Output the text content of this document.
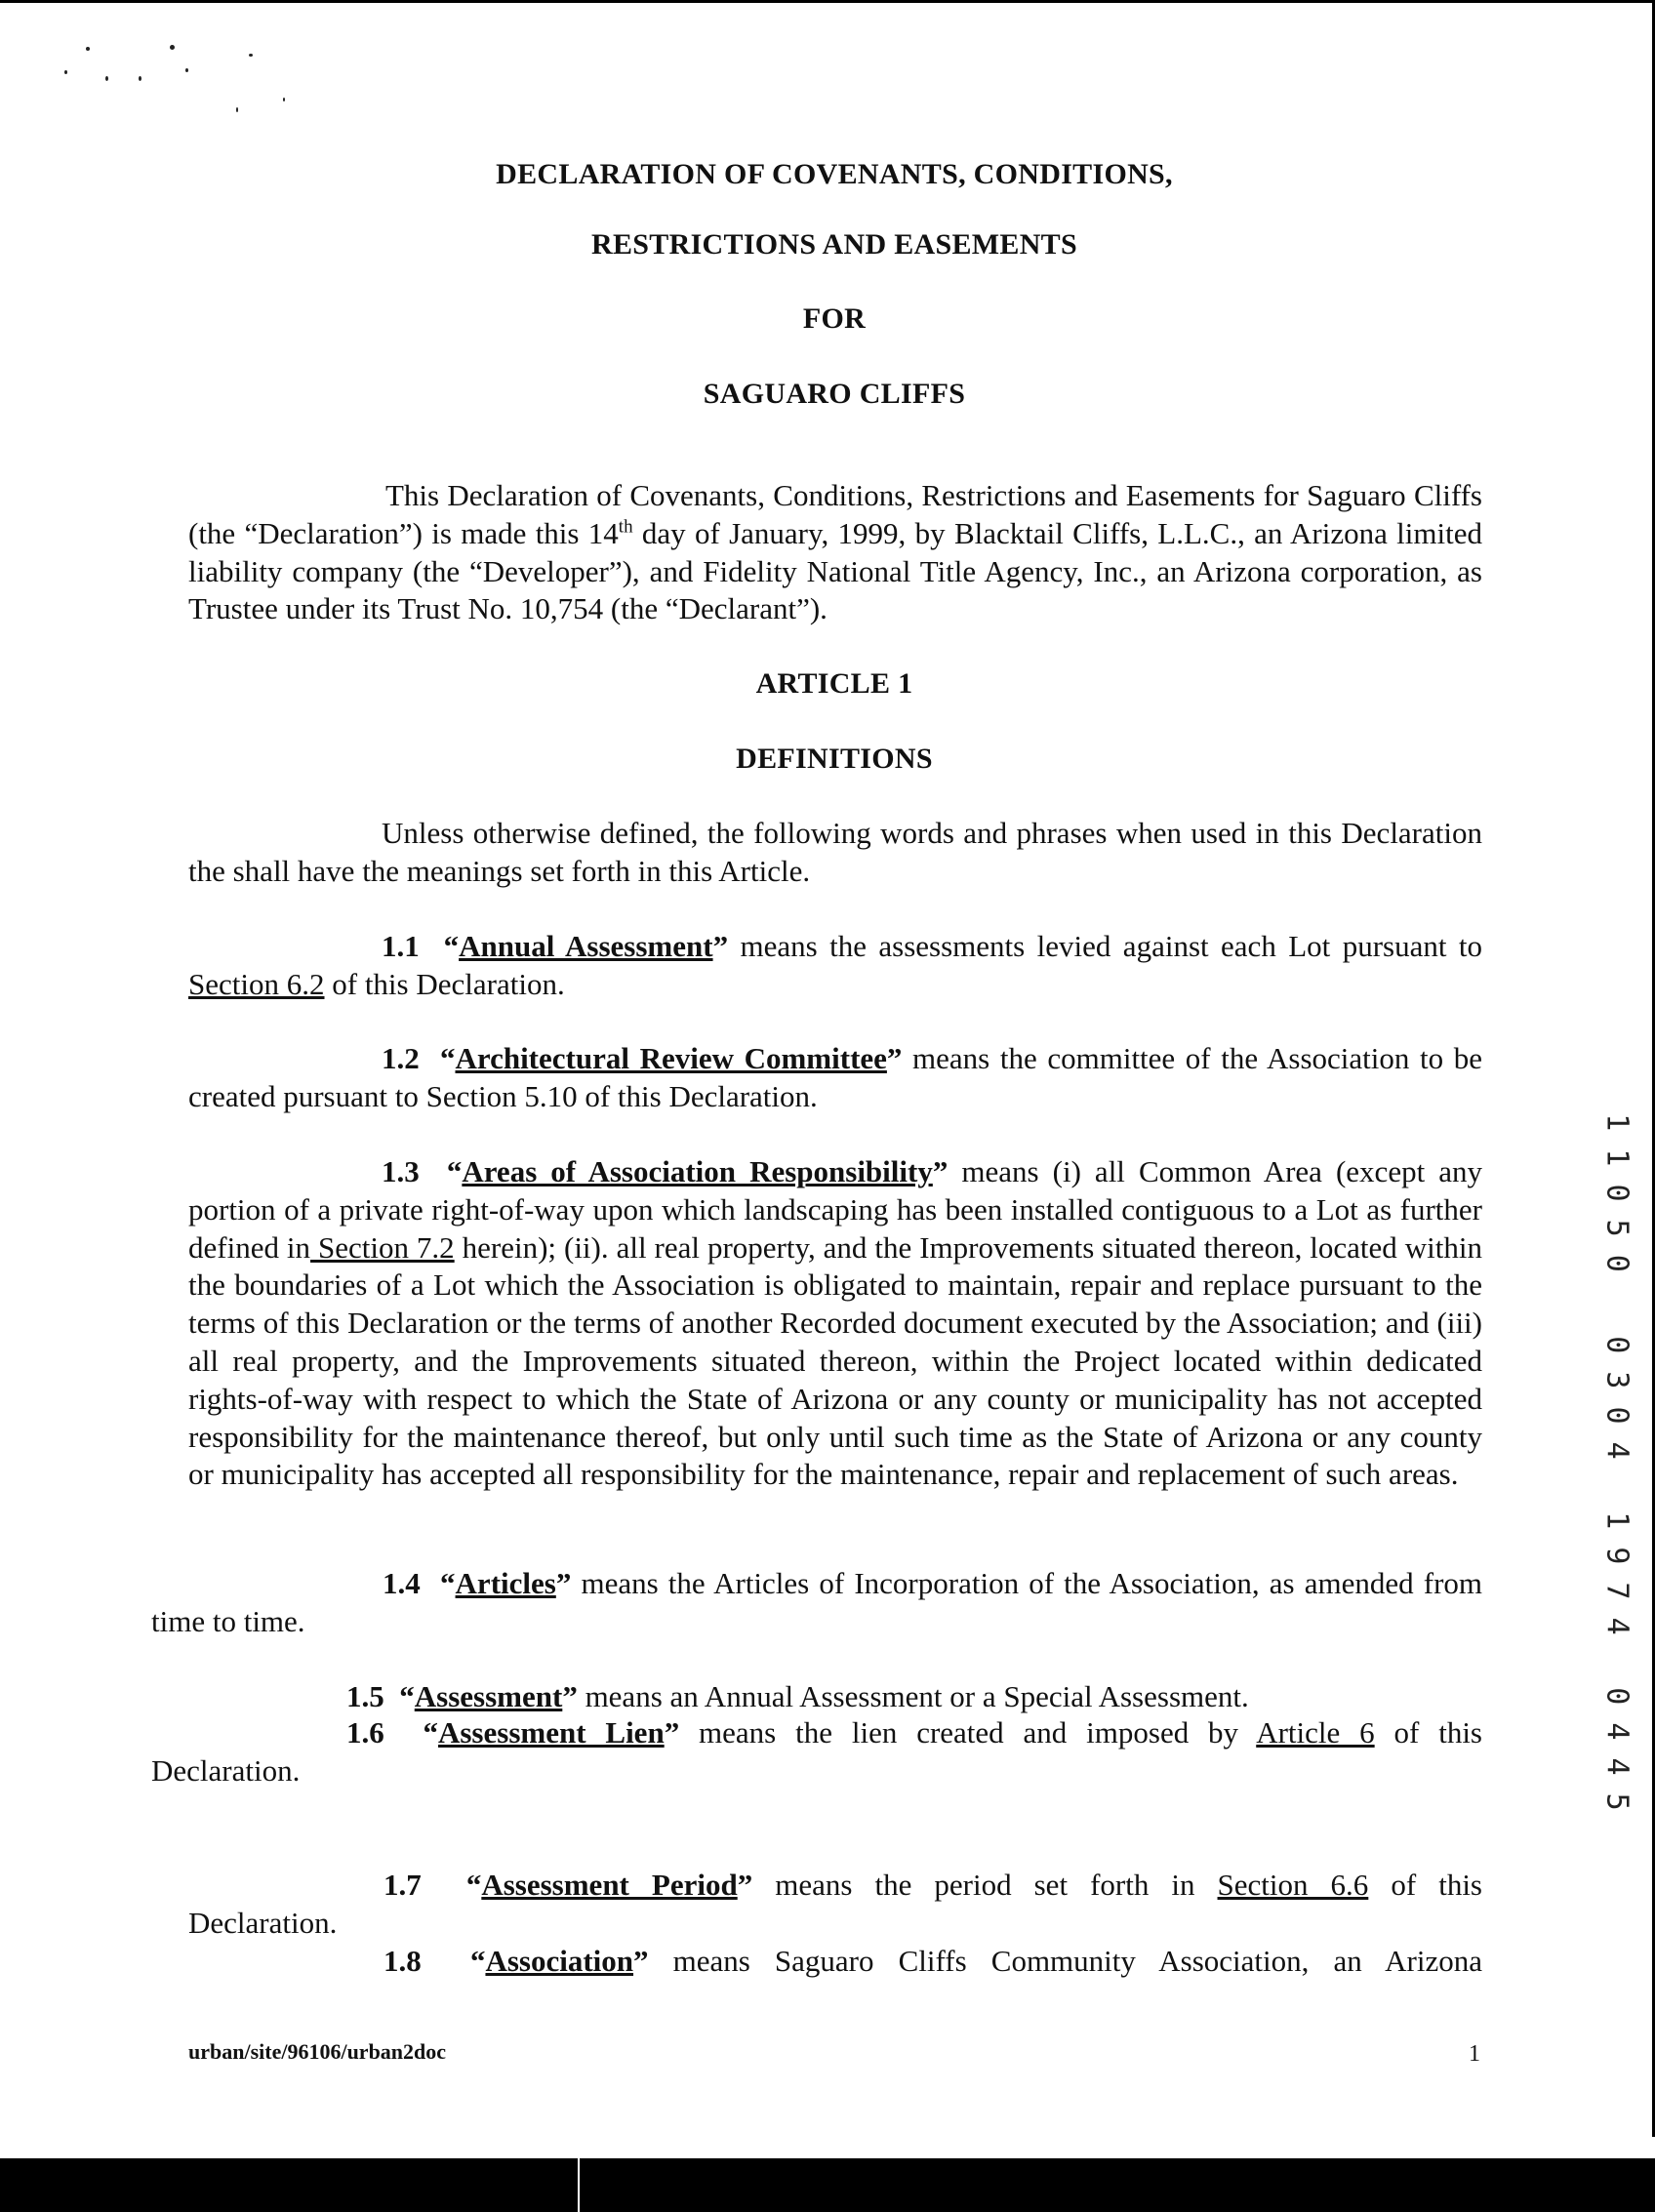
DECLARATION OF COVENANTS, CONDITIONS,
RESTRICTIONS AND EASEMENTS
FOR
SAGUARO CLIFFS

This Declaration of Covenants, Conditions, Restrictions and Easements for Saguaro Cliffs (the “Declaration”) is made this 14th day of January, 1999, by Blacktail Cliffs, L.L.C., an Arizona limited liability company (the “Developer”), and Fidelity National Title Agency, Inc., an Arizona corporation, as Trustee under its Trust No. 10,754 (the “Declarant”).

ARTICLE 1
DEFINITIONS

Unless otherwise defined, the following words and phrases when used in this Declaration the shall have the meanings set forth in this Article.

1.1 “Annual Assessment” means the assessments levied against each Lot pursuant to Section 6.2 of this Declaration.

1.2 “Architectural Review Committee” means the committee of the Association to be created pursuant to Section 5.10 of this Declaration.

1.3 “Areas of Association Responsibility” means (i) all Common Area (except any portion of a private right-of-way upon which landscaping has been installed contiguous to a Lot as further defined in Section 7.2 herein); (ii). all real property, and the Improvements situated thereon, located within the boundaries of a Lot which the Association is obligated to maintain, repair and replace pursuant to the terms of this Declaration or the terms of another Recorded document executed by the Association; and (iii) all real property, and the Improvements situated thereon, within the Project located within dedicated rights-of-way with respect to which the State of Arizona or any county or municipality has not accepted responsibility for the maintenance thereof, but only until such time as the State of Arizona or any county or municipality has accepted all responsibility for the maintenance, repair and replacement of such areas.

1.4 “Articles” means the Articles of Incorporation of the Association, as amended from time to time.

1.5 “Assessment” means an Annual Assessment or a Special Assessment.

1.6 “Assessment Lien” means the lien created and imposed by Article 6 of this
Declaration.
1.7 “Assessment Period” means the period set forth in Section 6.6 of this
Declaration.
1.8 “Association” means Saguaro Cliffs Community Association, an Arizona
urban/site/96106/urban2doc	1
1 1 0 5 0
0 3 0 4
1 9 7 4
0 4 4 5
